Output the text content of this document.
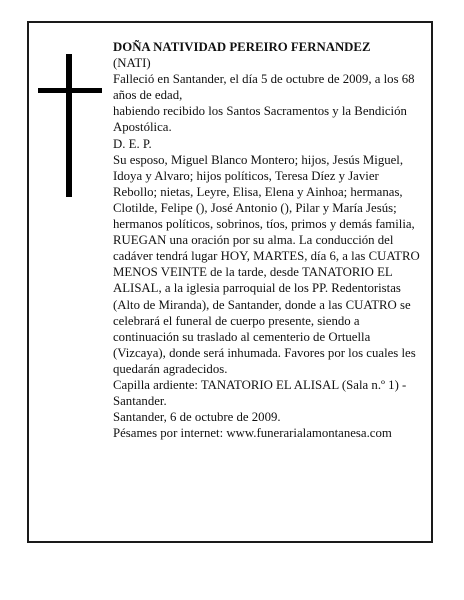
DOÑA NATIVIDAD PEREIRO FERNANDEZ

(NATI)

Falleció en Santander, el día 5 de octubre de 2009, a los 68 años de edad,

habiendo recibido los Santos Sacramentos y la Bendición Apostólica.

D. E. P.

Su esposo, Miguel Blanco Montero; hijos, Jesús Miguel, Idoya y Alvaro; hijos políticos, Teresa Díez y Javier Rebollo; nietas, Leyre, Elisa, Elena y Ainhoa; hermanas, Clotilde, Felipe (), José Antonio (), Pilar y María Jesús; hermanos políticos, sobrinos, tíos, primos y demás familia,

RUEGAN una oración por su alma. La conducción del cadáver tendrá lugar HOY, MARTES, día 6, a las CUATRO MENOS VEINTE de la tarde, desde TANATORIO EL ALISAL, a la iglesia parroquial de los PP. Redentoristas (Alto de Miranda), de Santander, donde a las CUATRO se celebrará el funeral de cuerpo presente, siendo a continuación su traslado al cementerio de Ortuella (Vizcaya), donde será inhumada. Favores por los cuales les quedarán agradecidos.

Capilla ardiente: TANATORIO EL ALISAL (Sala n.º 1) - Santander.

Santander, 6 de octubre de 2009.

Pésames por internet: www.funerarialamontanesa.com
